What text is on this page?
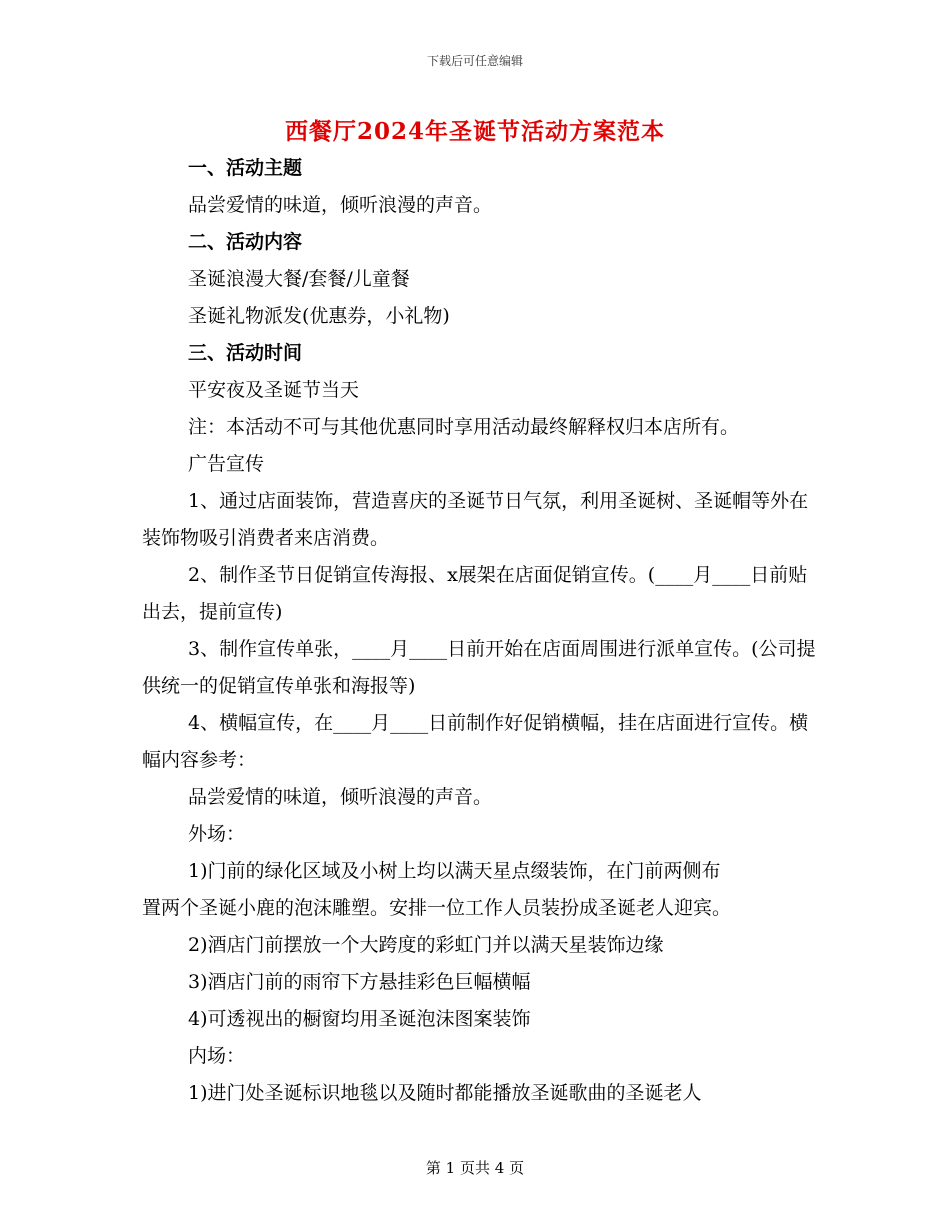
下载后可任意编辑
西餐厅2024年圣诞节活动方案范本

一、活动主题

品尝爱情的味道，倾听浪漫的声音。

二、活动内容

圣诞浪漫大餐/套餐/儿童餐

圣诞礼物派发(优惠券，小礼物)

三、活动时间

平安夜及圣诞节当天

注：本活动不可与其他优惠同时享用活动最终解释权归本店所有。

广告宣传

1、通过店面装饰，营造喜庆的圣诞节日气氛，利用圣诞树、圣诞帽等外在装饰物吸引消费者来店消费。

2、制作圣节日促销宣传海报、x展架在店面促销宣传。(____月____日前贴出去，提前宣传)

3、制作宣传单张，____月____日前开始在店面周围进行派单宣传。(公司提供统一的促销宣传单张和海报等)

4、横幅宣传，在____月____日前制作好促销横幅，挂在店面进行宣传。横幅内容参考：

品尝爱情的味道，倾听浪漫的声音。

外场：

1)门前的绿化区域及小树上均以满天星点缀装饰，在门前两侧布

置两个圣诞小鹿的泡沫雕塑。安排一位工作人员装扮成圣诞老人迎宾。

2)酒店门前摆放一个大跨度的彩虹门并以满天星装饰边缘

3)酒店门前的雨帘下方悬挂彩色巨幅横幅

4)可透视出的橱窗均用圣诞泡沫图案装饰

内场：

1)进门处圣诞标识地毯以及随时都能播放圣诞歌曲的圣诞老人

第 1 页共 4 页
